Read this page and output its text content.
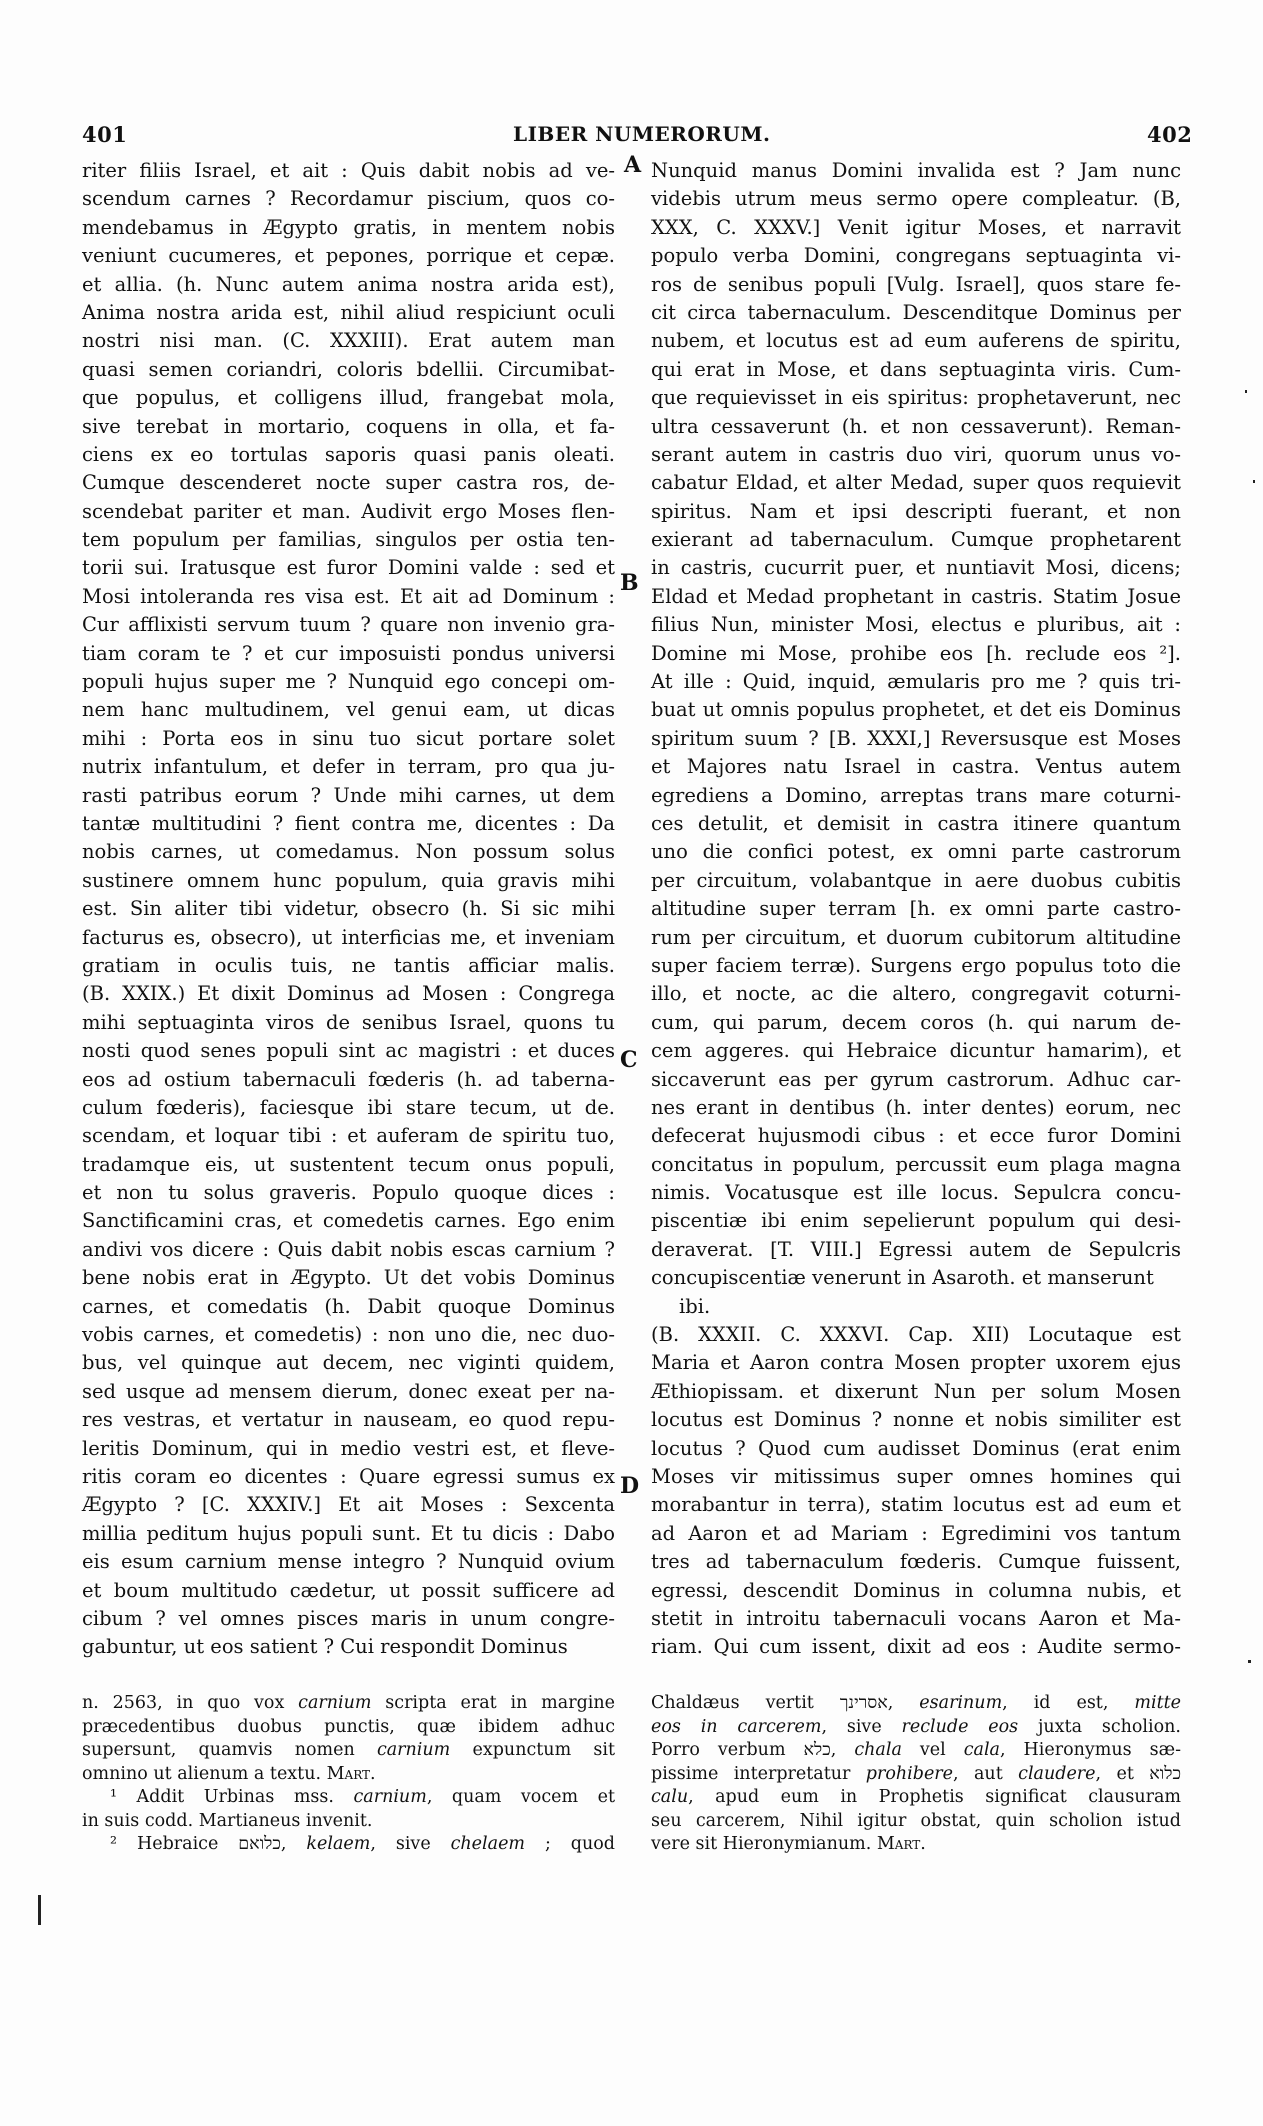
401	LIBER NUMERORUM.	402
riter filiis Israel, et ait : Quis dabit nobis ad ve-
scendum carnes ? Recordamur piscium, quos co-
mendebamus in Ægypto gratis, in mentem nobis
veniunt cucumeres, et pepones, porrique et cepæ.
et allia. (h. Nunc autem anima nostra arida est),
Anima nostra arida est, nihil aliud respiciunt oculi
nostri nisi man. (C. XXXIII). Erat autem man
quasi semen coriandri, coloris bdellii. Circumibat-
que populus, et colligens illud, frangebat mola,
sive terebat in mortario, coquens in olla, et fa-
ciens ex eo tortulas saporis quasi panis oleati.
Cumque descenderet nocte super castra ros, de-
scendebat pariter et man. Audivit ergo Moses flen-
tem populum per familias, singulos per ostia ten-
torii sui. Iratusque est furor Domini valde : sed et
Mosi intoleranda res visa est. Et ait ad Dominum :
Cur afflixisti servum tuum ? quare non invenio gra-
tiam coram te ? et cur imposuisti pondus universi
populi hujus super me ? Nunquid ego concepi om-
nem hanc multudinem, vel genui eam, ut dicas
mihi : Porta eos in sinu tuo sicut portare solet
nutrix infantulum, et defer in terram, pro qua ju-
rasti patribus eorum ? Unde mihi carnes, ut dem
tantæ multitudini ? fient contra me, dicentes : Da
nobis carnes, ut comedamus. Non possum solus
sustinere omnem hunc populum, quia gravis mihi
est. Sin aliter tibi videtur, obsecro (h. Si sic mihi
facturus es, obsecro), ut interficias me, et inveniam
gratiam in oculis tuis, ne tantis afficiar malis.
(B. XXIX.) Et dixit Dominus ad Mosen : Congrega
mihi septuaginta viros de senibus Israel, quons tu
nosti quod senes populi sint ac magistri : et duces
eos ad ostium tabernaculi fœderis (h. ad taberna-
culum fœderis), faciesque ibi stare tecum, ut de.
scendam, et loquar tibi : et auferam de spiritu tuo,
tradamque eis, ut sustentent tecum onus populi,
et non tu solus graveris. Populo quoque dices :
Sanctificamini cras, et comedetis carnes. Ego enim
andivi vos dicere : Quis dabit nobis escas carnium ?
bene nobis erat in Ægypto. Ut det vobis Dominus
carnes, et comedatis (h. Dabit quoque Dominus
vobis carnes, et comedetis) : non uno die, nec duo-
bus, vel quinque aut decem, nec viginti quidem,
sed usque ad mensem dierum, donec exeat per na-
res vestras, et vertatur in nauseam, eo quod repu-
leritis Dominum, qui in medio vestri est, et fleve-
ritis coram eo dicentes : Quare egressi sumus ex
Ægypto ? [C. XXXIV.] Et ait Moses : Sexcenta
millia peditum hujus populi sunt. Et tu dicis : Dabo
eis esum carnium mense integro ? Nunquid ovium
et boum multitudo cædetur, ut possit sufficere ad
cibum ? vel omnes pisces maris in unum congre-
gabuntur, ut eos satient ? Cui respondit Dominus
Nunquid manus Domini invalida est ? Jam nunc
videbis utrum meus sermo opere compleatur. (B,
XXX, C. XXXV.] Venit igitur Moses, et narravit
populo verba Domini, congregans septuaginta vi-
ros de senibus populi [Vulg. Israel], quos stare fe-
cit circa tabernaculum. Descenditque Dominus per
nubem, et locutus est ad eum auferens de spiritu,
qui erat in Mose, et dans septuaginta viris. Cum-
que requievisset in eis spiritus: prophetaverunt, nec
ultra cessaverunt (h. et non cessaverunt). Reman-
serant autem in castris duo viri, quorum unus vo-
cabatur Eldad, et alter Medad, super quos requievit
spiritus. Nam et ipsi descripti fuerant, et non
exierant ad tabernaculum. Cumque prophetarent
in castris, cucurrit puer, et nuntiavit Mosi, dicens;
Eldad et Medad prophetant in castris. Statim Josue
filius Nun, minister Mosi, electus e pluribus, ait :
Domine mi Mose, prohibe eos [h. reclude eos ²].
At ille : Quid, inquid, æmularis pro me ? quis tri-
buat ut omnis populus prophetet, et det eis Dominus
spiritum suum ? [B. XXXI,] Reversusque est Moses
et Majores natu Israel in castra. Ventus autem
egrediens a Domino, arreptas trans mare coturni-
ces detulit, et demisit in castra itinere quantum
uno die confici potest, ex omni parte castrorum
per circuitum, volabantque in aere duobus cubitis
altitudine super terram [h. ex omni parte castro-
rum per circuitum, et duorum cubitorum altitudine
super faciem terræ). Surgens ergo populus toto die
illo, et nocte, ac die altero, congregavit coturni-
cum, qui parum, decem coros (h. qui narum de-
cem aggeres. qui Hebraice dicuntur hamarim), et
siccaverunt eas per gyrum castrorum. Adhuc car-
nes erant in dentibus (h. inter dentes) eorum, nec
defecerat hujusmodi cibus : et ecce furor Domini
concitatus in populum, percussit eum plaga magna
nimis. Vocatusque est ille locus. Sepulcra concu-
piscentiæ ibi enim sepelierunt populum qui desi-
deraverat. [T. VIII.] Egressi autem de Sepulcris
concupiscentiæ venerunt in Asaroth. et manserunt
ibi.
(B. XXXII. C. XXXVI. Cap. XII) Locutaque est
Maria et Aaron contra Mosen propter uxorem ejus
Æthiopissam. et dixerunt Nun per solum Mosen
locutus est Dominus ? nonne et nobis similiter est
locutus ? Quod cum audisset Dominus (erat enim
Moses vir mitissimus super omnes homines qui
morabantur in terra), statim locutus est ad eum et
ad Aaron et ad Mariam : Egredimini vos tantum
tres ad tabernaculum fœderis. Cumque fuissent,
egressi, descendit Dominus in columna nubis, et
stetit in introitu tabernaculi vocans Aaron et Ma-
riam. Qui cum issent, dixit ad eos : Audite sermo-
A
B
C
D
n. 2563, in quo vox carnium scripta erat in margine
præcedentibus duobus punctis, quæ ibidem adhuc
supersunt, quamvis nomen carnium expunctum sit
omnino ut alienum a textu. Mart.
¹ Addit Urbinas mss. carnium, quam vocem et
in suis codd. Martianeus invenit.
² Hebraice כלואם, kelaem, sive chelaem ; quod
Chaldæus vertit אסרינך, esarinum, id est, mitte
eos in carcerem, sive reclude eos juxta scholion.
Porro verbum כלא, chala vel cala, Hieronymus sæ-
pissime interpretatur prohibere, aut claudere, et כלוא
calu, apud eum in Prophetis significat clausuram
seu carcerem, Nihil igitur obstat, quin scholion istud
vere sit Hieronymianum. Mart.
